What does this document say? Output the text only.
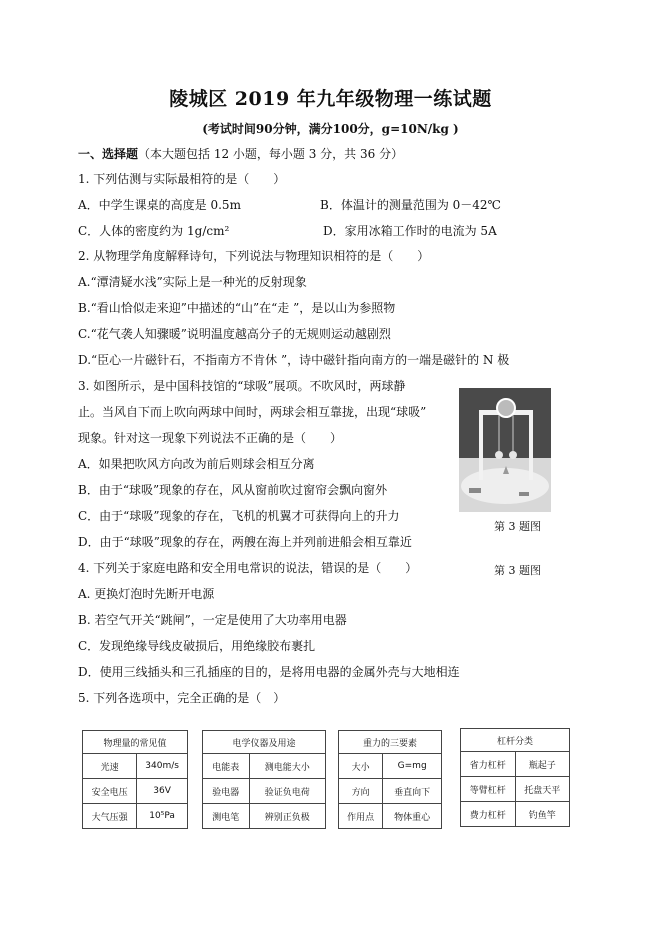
陵城区 2019 年九年级物理一练试题
(考试时间90分钟，满分100分，g=10N/kg )
一、选择题（本大题包括 12 小题，每小题 3 分，共 36 分）
1. 下列估测与实际最相符的是（　　）
A．中学生课桌的高度是 0.5m	B．体温计的测量范围为 0－42℃
C．人体的密度约为 1g/cm²	D．家用冰箱工作时的电流为 5A
2. 从物理学角度解释诗句，下列说法与物理知识相符的是（　　）
A.“潭清疑水浅”实际上是一种光的反射现象
B.“看山恰似走来迎”中描述的“山”在“走 ”，是以山为参照物
C.“花气袭人知骤暖”说明温度越高分子的无规则运动越剧烈
D.“臣心一片磁针石，不指南方不肯休 ”，诗中磁针指向南方的一端是磁针的 N 极
3. 如图所示，是中国科技馆的“球吸”展项。不吹风时，两球静
止。当风自下而上吹向两球中间时，两球会相互靠拢，出现“球吸”
现象。针对这一现象下列说法不正确的是（　　）
A．如果把吹风方向改为前后则球会相互分离
B．由于“球吸”现象的存在，风从窗前吹过窗帘会飘向窗外
C．由于“球吸”现象的存在，飞机的机翼才可获得向上的升力
D．由于“球吸”现象的存在，两艘在海上并列前进船会相互靠近
第 3 题图
第 3 题图
4. 下列关于家庭电路和安全用电常识的说法，错误的是（　　）
A. 更换灯泡时先断开电源
B. 若空气开关“跳闸”，一定是使用了大功率用电器
C．发现绝缘导线皮破损后，用绝缘胶布裹扎
D．使用三线插头和三孔插座的目的，是将用电器的金属外壳与大地相连
5. 下列各选项中，完全正确的是（　）
物理量的常见值	
光速	340m/s
安全电压	36V
大气压强	10⁵Pa
电学仪器及用途	
电能表	测电能大小
验电器	验证负电荷
测电笔	辨别正负极
重力的三要素	
大小	G=mg
方向	垂直向下
作用点	物体重心
杠杆分类	
省力杠杆	瓶起子
等臂杠杆	托盘天平
费力杠杆	钓鱼竿
